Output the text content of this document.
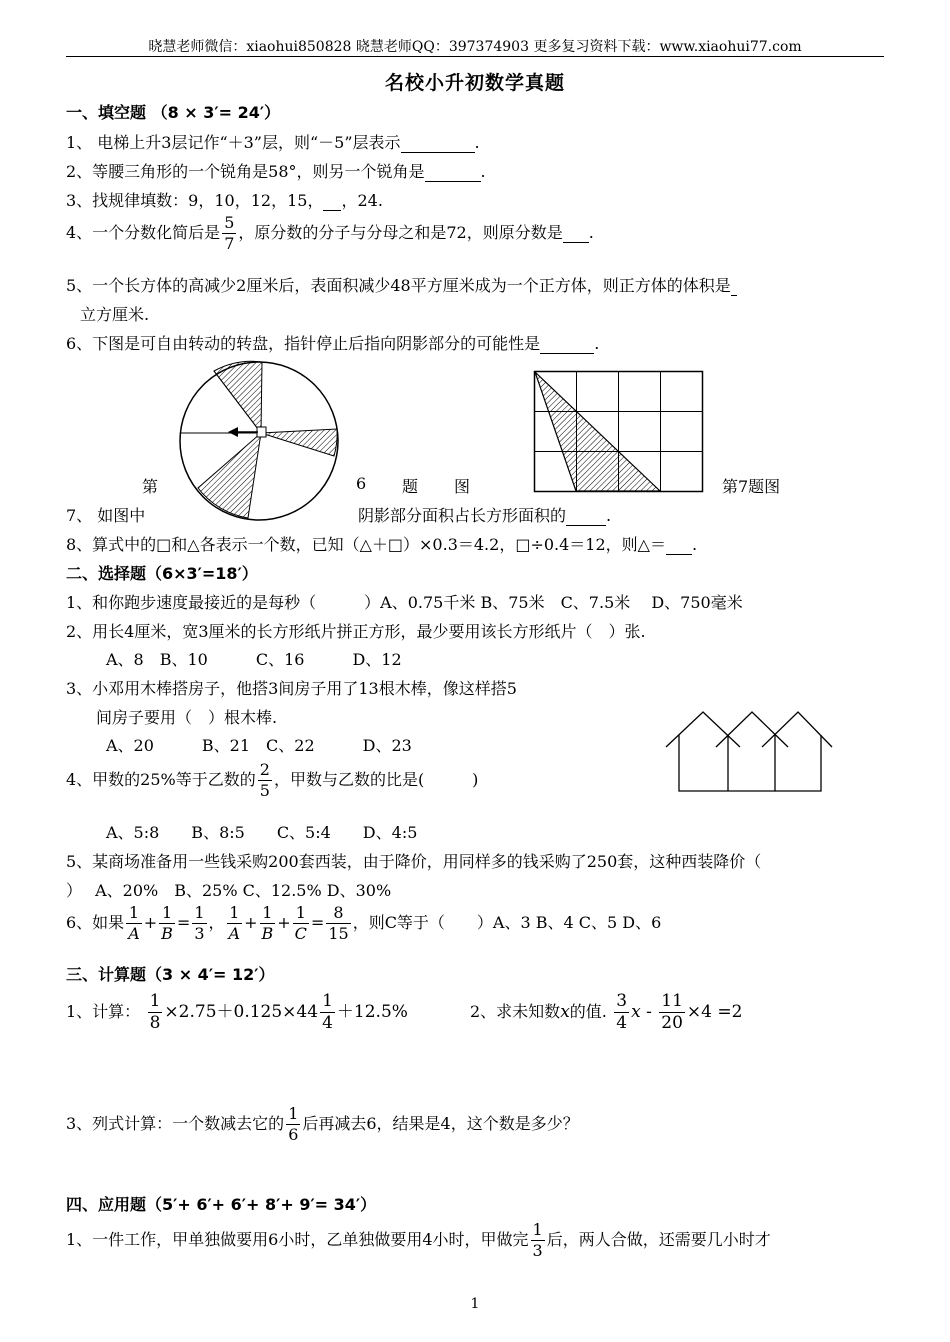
晓慧老师微信：xiaohui850828 晓慧老师QQ：397374903 更多复习资料下载：www.xiaohui77.com
名校小升初数学真题
一、填空题 （8 × 3′= 24′）
1、 电梯上升3层记作“＋3”层，则“－5”层表示	.
2、等腰三角形的一个锐角是58°，则另一个锐角是	.
3、找规律填数：9，10，12，15， ，24.
4、一个分数化简后是 $\frac{5}{7}$ ，原分数的分子与分母之和是72，则原分数是 .
5、一个长方体的高减少2厘米后，表面积减少48平方厘米成为一个正方体，则正方体的体积是
立方厘米.
6、下图是可自由转动的转盘，指针停止后指向阴影部分的可能性是	.
第	6 题 图	第7题图
7、 如图中	阴影部分面积占长方形面积的	.
8、算式中的□和△各表示一个数，已知（△＋□）×0.3＝4.2，□÷0.4＝12，则△＝ .
二、选择题（6×3′=18′）
1、和你跑步速度最接近的是每秒（　　　）A、0.75千米 B、75米　C、7.5米　 D、750毫米
2、用长4厘米，宽3厘米的长方形纸片拼正方形，最少要用该长方形纸片（　）张.
A、8　B、10　　　C、16　　　D、12
3、小邓用木棒搭房子，他搭3间房子用了13根木棒，像这样搭5
间房子要用（　）根木棒.
A、20　　　B、21　C、22　　　D、23
4、甲数的25%等于乙数的 $\frac{2}{5}$ ，甲数与乙数的比是(　　　)
A、5:8　　B、8:5　　C、5:4　　D、4:5
5、某商场准备用一些钱采购200套西装，由于降价，用同样多的钱采购了250套，这种西装降价（
）　 A、20%　B、25% C、12.5% D、30%
6、如果 $\frac{1}{A} + \frac{1}{B} = \frac{1}{3}$ ， $\frac{1}{A} + \frac{1}{B} + \frac{1}{C} = \frac{8}{15}$ ，则C等于（　　）A、3 B、4 C、5 D、6
三、计算题（3 × 4′= 12′）
1、计算： $\frac{1}{8} \times 2.75+0.125\times 44 \frac{1}{4} +12.5\%$	2、求未知数x的值. $\frac{3}{4}$ $x - \frac{11}{20} \times 4 =2$
3、列式计算：一个数减去它的 $\frac{1}{6}$ 后再减去6，结果是4，这个数是多少？
四、应用题（5′+ 6′+ 6′+ 8′+ 9′= 34′）
1、一件工作，甲单独做要用6小时，乙单独做要用4小时，甲做完 $\frac{1}{3}$ 后，两人合做，还需要几小时才
1
